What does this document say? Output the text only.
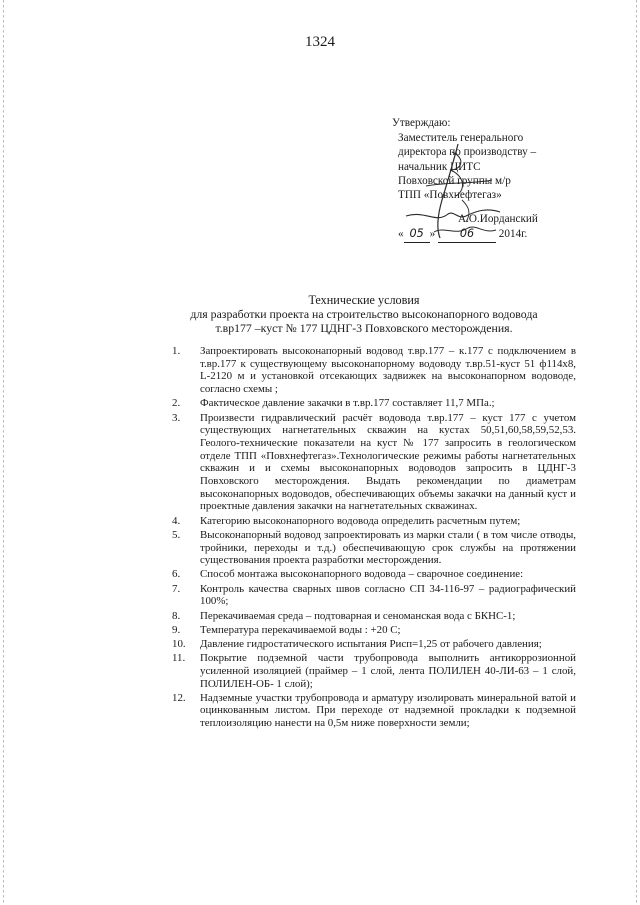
1324
Утверждаю:
Заместитель генерального
директора по производству –
начальник ЦИТС
Повховской группы м/р
ТПП «Повхнефтегаз»
А.О.Иорданский
« 05 » 06 2014г.
Технические условия
для разработки проекта на строительство высоконапорного водовода
т.вр177 –куст № 177 ЦДНГ-3 Повховского месторождения.
1. Запроектировать высоконапорный водовод т.вр.177 – к.177 с подключением в т.вр.177 к существующему высоконапорному водоводу т.вр.51-куст 51 ф114х8, L-2120 м и установкой отсекающих задвижек на высоконапорном водоводе, согласно схемы ;
2. Фактическое давление закачки в т.вр.177 составляет 11,7 МПа.;
3. Произвести гидравлический расчёт водовода т.вр.177 – куст 177 с учетом существующих нагнетательных скважин на кустах 50,51,60,58,59,52,53. Геолого-технические показатели на куст № 177 запросить в геологическом отделе ТПП «Повхнефтегаз».Технологические режимы работы нагнетательных скважин и и схемы высоконапорных водоводов запросить в ЦДНГ-3 Повховского месторождения. Выдать рекомендации по диаметрам высоконапорных водоводов, обеспечивающих объемы закачки на данный куст и проектные давления закачки на нагнетательных скважинах.
4. Категорию высоконапорного водовода определить расчетным путем;
5. Высоконапорный водовод запроектировать из марки стали ( в том числе отводы, тройники, переходы и т.д.) обеспечивающую срок службы на протяжении существования проекта разработки месторождения.
6. Способ монтажа высоконапорного водовода – сварочное соединение:
7. Контроль качества сварных швов согласно СП 34-116-97 – радиографический 100%;
8. Перекачиваемая среда – подтоварная и сеноманская вода с БКНС-1;
9. Температура перекачиваемой воды : +20 С;
10. Давление гидростатического испытания Рисп=1,25 от рабочего давления;
11. Покрытие подземной части трубопровода выполнить антикоррозионной усиленной изоляцией (праймер – 1 слой, лента ПОЛИЛЕН 40-ЛИ-63 – 1 слой, ПОЛИЛЕН-ОБ- 1 слой);
12. Надземные участки трубопровода и арматуру изолировать минеральной ватой и оцинкованным листом. При переходе от надземной прокладки к подземной теплоизоляцию нанести на 0,5м ниже поверхности земли;
